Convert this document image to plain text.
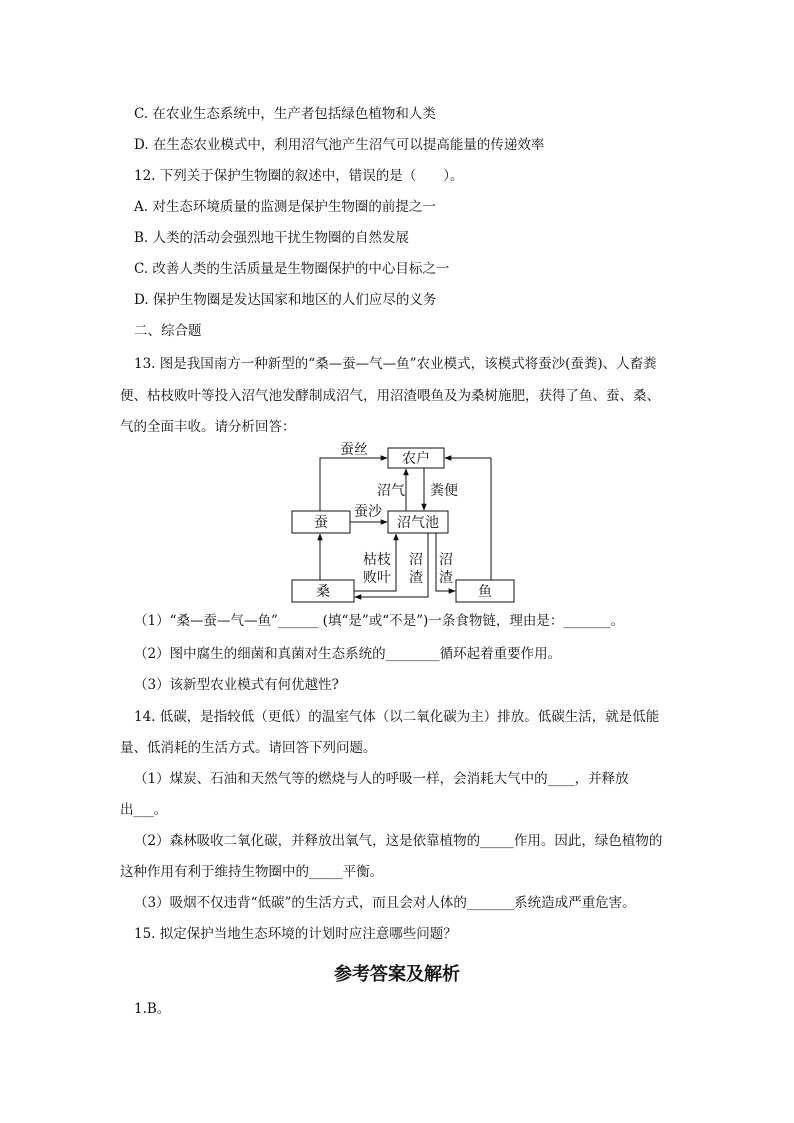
C. 在农业生态系统中，生产者包括绿色植物和人类
D. 在生态农业模式中，利用沼气池产生沼气可以提高能量的传递效率
12. 下列关于保护生物圈的叙述中，错误的是（　　）。
A. 对生态环境质量的监测是保护生物圈的前提之一
B. 人类的活动会强烈地干扰生物圈的自然发展
C. 改善人类的生活质量是生物圈保护的中心目标之一
D. 保护生物圈是发达国家和地区的人们应尽的义务
二、综合题
13. 图是我国南方一种新型的“桑—蚕—气—鱼”农业模式，该模式将蚕沙(蚕粪)、人畜粪
便、枯枝败叶等投入沼气池发酵制成沼气，用沼渣喂鱼及为桑树施肥，获得了鱼、蚕、桑、
气的全面丰收。请分析回答：
农户
蚕	沼气池
桑	鱼
蚕丝
沼气 粪便
蚕沙
枯枝
败叶
沼
渣
沼
渣
（1）“桑—蚕—气—鱼”______ (填“是”或“不是”)一条食物链，理由是：_______。
（2）图中腐生的细菌和真菌对生态系统的________循环起着重要作用。
（3）该新型农业模式有何优越性?
14. 低碳，是指较低（更低）的温室气体（以二氧化碳为主）排放。低碳生活，就是低能
量、低消耗的生活方式。请回答下列问题。
（1）煤炭、石油和天然气等的燃烧与人的呼吸一样，会消耗大气中的____，并释放
出___。
（2）森林吸收二氧化碳，并释放出氧气，这是依靠植物的_____作用。因此，绿色植物的
这种作用有利于维持生物圈中的_____平衡。
（3）吸烟不仅违背“低碳”的生活方式，而且会对人体的_______系统造成严重危害。
15. 拟定保护当地生态环境的计划时应注意哪些问题？
参考答案及解析
1.B。
